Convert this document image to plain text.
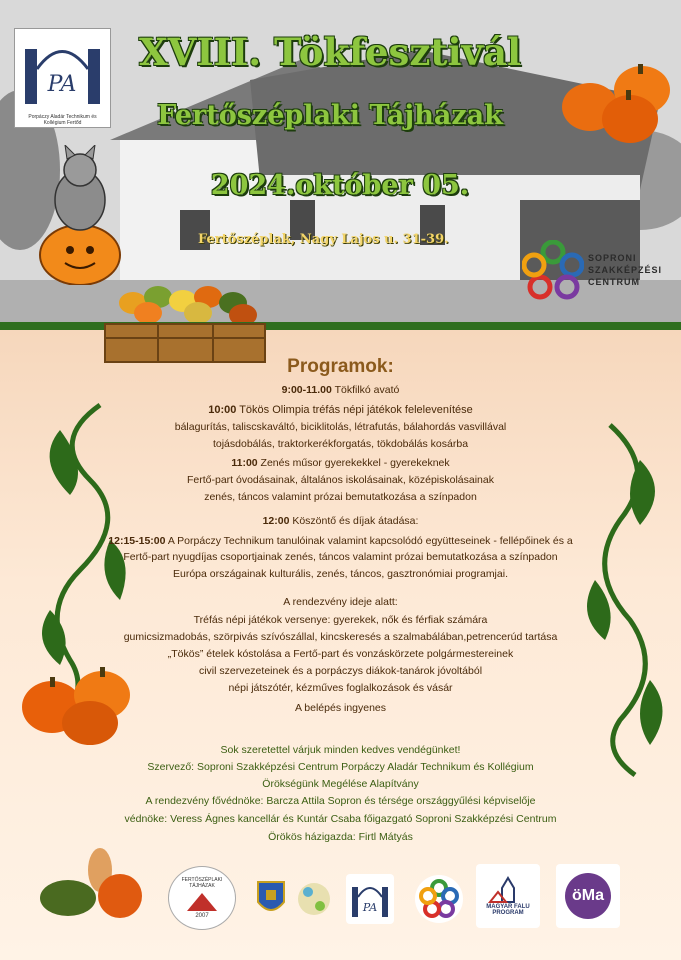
PA
Porpáczy Aladár Technikum és Kollégium Fertőd
XVIII. Tökfesztivál
Fertőszéplaki Tájházak
2024.október 05.
Fertőszéplak, Nagy Lajos u. 31-39.
SOPRONI
SZAKKÉPZÉSI
CENTRUM
Programok:
9:00-11.00 Tökfilkó avató
10:00 Tökös Olimpia tréfás népi játékok felelevenítése
bálagurítás, taliscskaváltó, biciklitolás, létrafutás, bálahordás vasvillával
tojásdobálás, traktorkerékforgatás, tökdobálás kosárba
11:00 Zenés műsor gyerekekkel - gyerekeknek
Fertő-part óvodásainak, általános iskolásainak, középiskolásainak
zenés, táncos valamint prózai bemutatkozása a színpadon
12:00 Köszöntő és díjak átadása:
12:15-15:00 A Porpáczy Technikum tanulóinak valamint kapcsolódó együtteseinek - fellépőinek és a
Fertő-part nyugdíjas csoportjainak zenés, táncos valamint prózai bemutatkozása a színpadon
Európa országainak kulturális, zenés, táncos, gasztronómiai programjai.
A rendezvény ideje alatt:
Tréfás népi játékok versenye: gyerekek, nők és férfiak számára
gumicsizmadobás, szörpivás szívószállal, kincskeresés a szalmabálában,petrencerúd tartása
„Tökös” ételek kóstolása a Fertő-part és vonzáskörzete polgármestereinek
civil szervezeteinek és a porpáczys diákok-tanárok jóvoltából
népi játszótér, kézműves foglalkozások és vásár
A belépés ingyenes
Sok szeretettel várjuk minden kedves vendégünket!
Szervező: Soproni Szakképzési Centrum Porpáczy Aladár Technikum és Kollégium
Örökségünk Megélése Alapítvány
A rendezvény fővédnöke: Barcza Attila Sopron és térsége országgyűlési képviselője
védnöke: Veress Ágnes kancellár és Kuntár Csaba főigazgató Soproni Szakképzési Centrum
Örökös házigazda: Firtl Mátyás
FERTŐSZÉPLAKI TÁJHÁZAK
2007
PA	MAGYAR FALU
PROGRAM
öMa
